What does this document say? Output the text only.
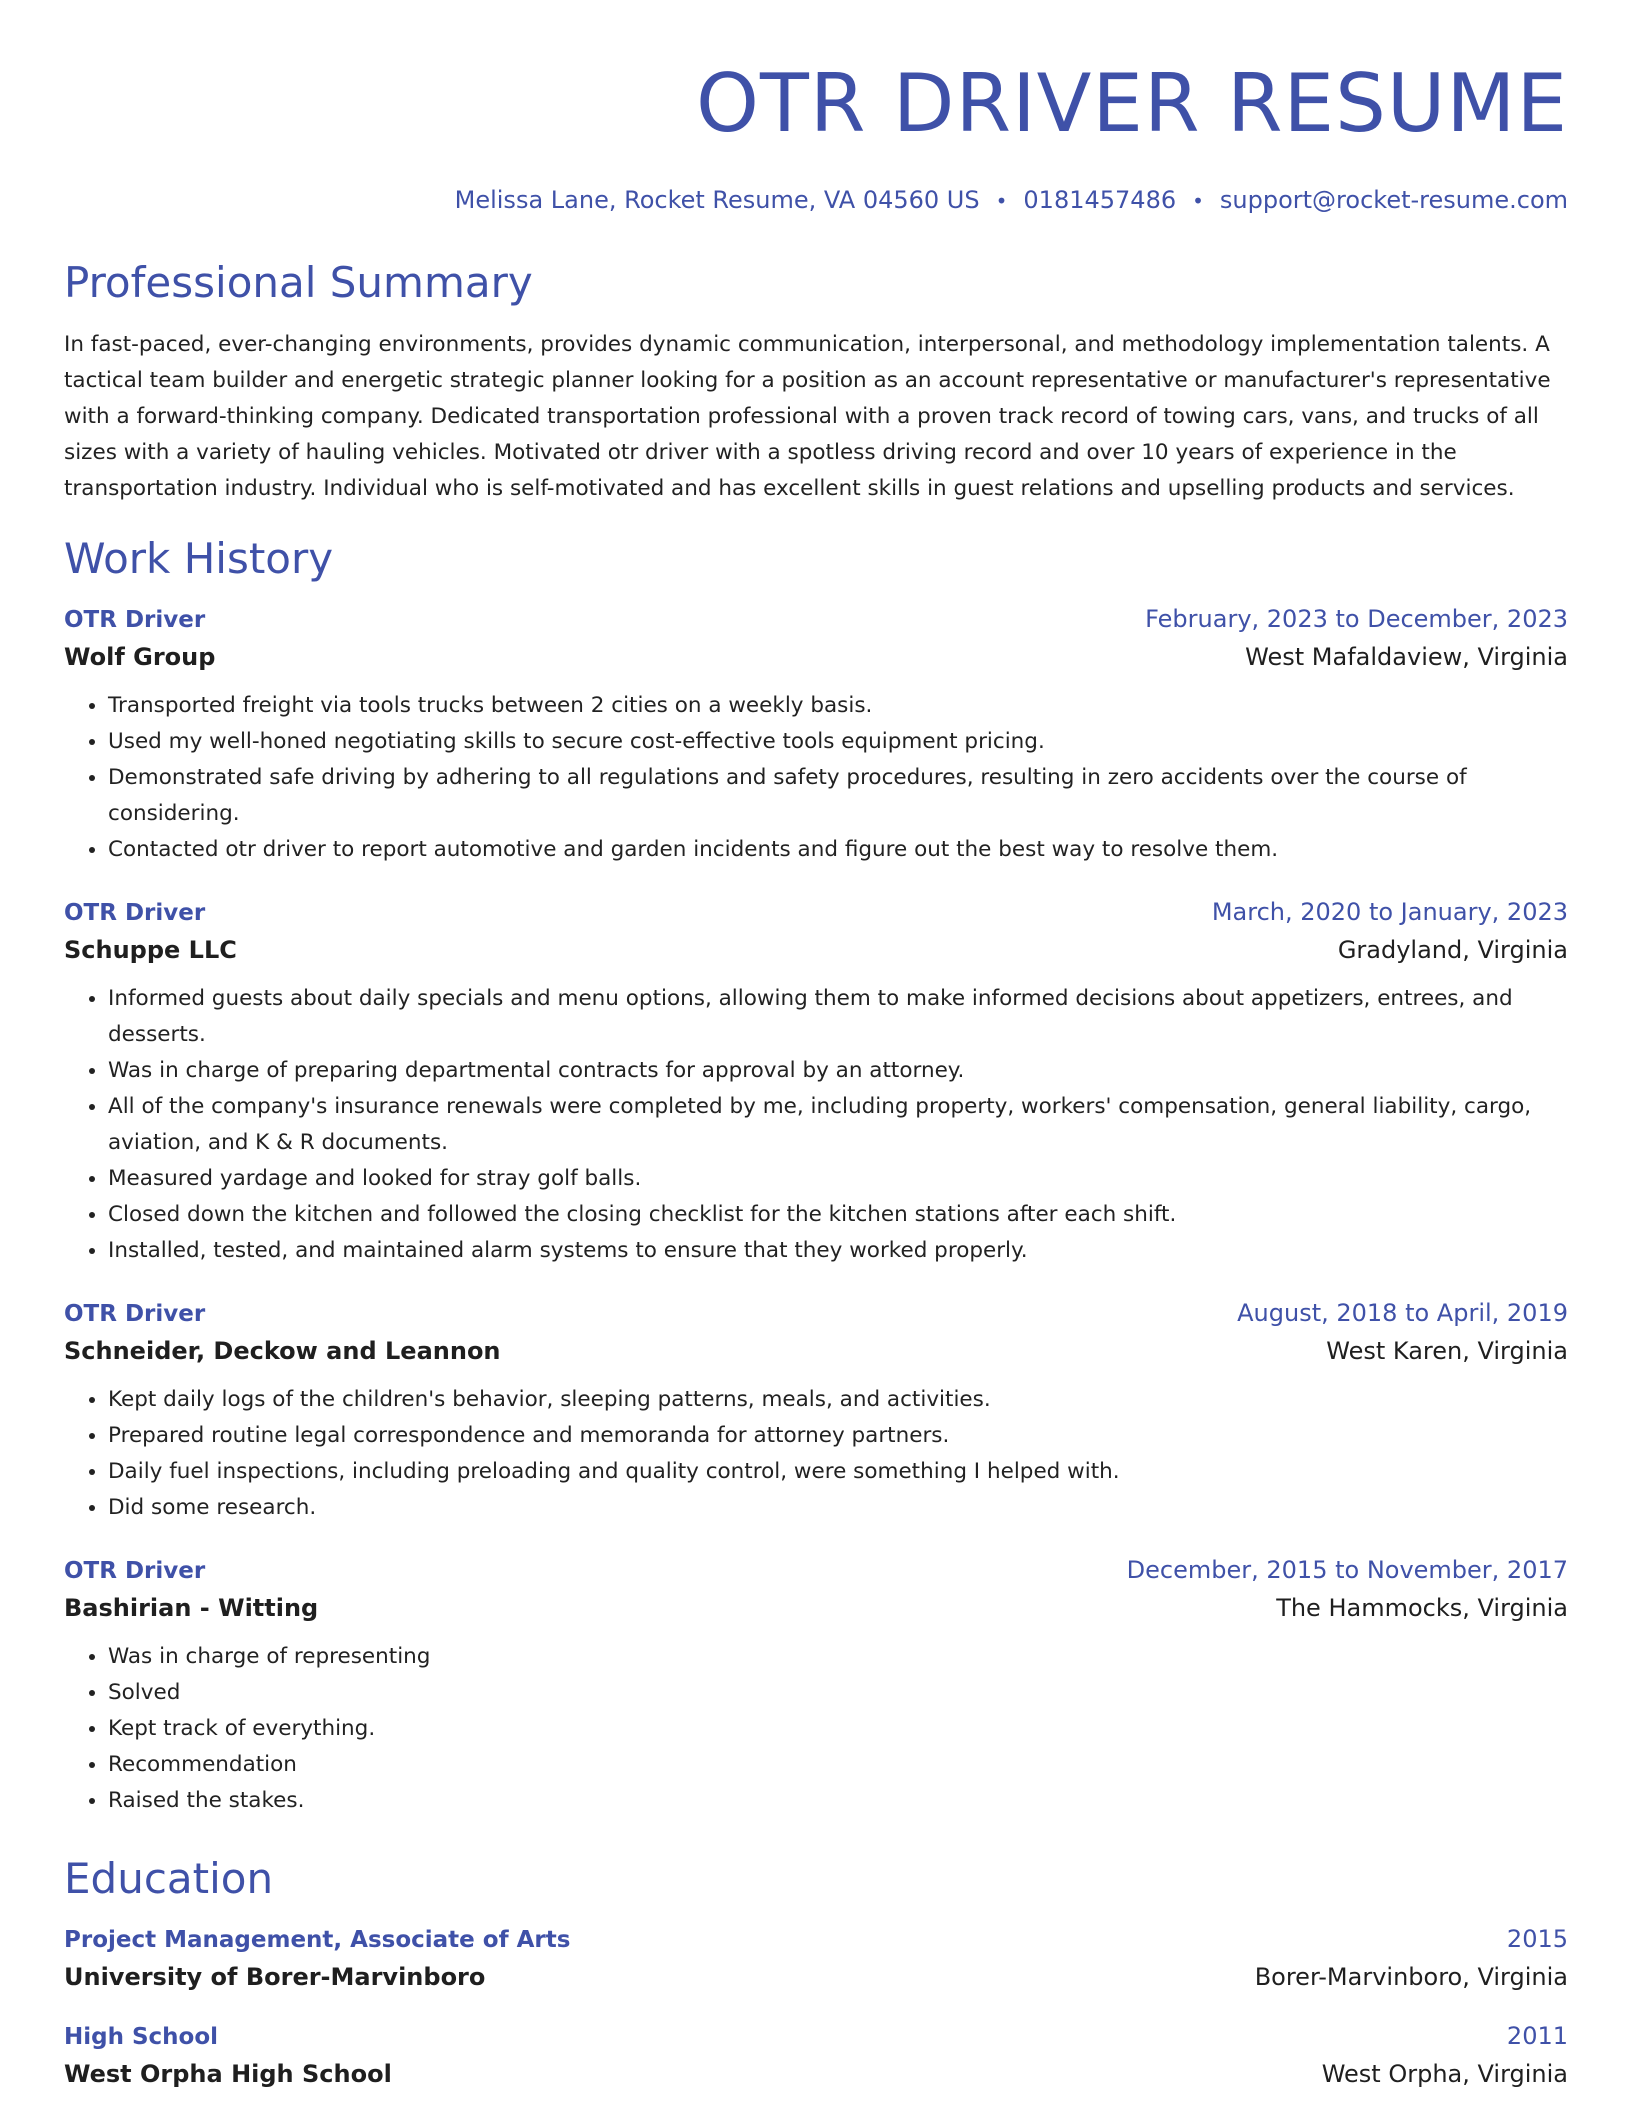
OTR DRIVER RESUME
Melissa Lane, Rocket Resume, VA 04560 US • 0181457486 • support@rocket-resume.com
Professional Summary
In fast-paced, ever-changing environments, provides dynamic communication, interpersonal, and methodology implementation talents. A tactical team builder and energetic strategic planner looking for a position as an account representative or manufacturer's representative with a forward-thinking company. Dedicated transportation professional with a proven track record of towing cars, vans, and trucks of all sizes with a variety of hauling vehicles. Motivated otr driver with a spotless driving record and over 10 years of experience in the transportation industry. Individual who is self-motivated and has excellent skills in guest relations and upselling products and services.
Work History
OTR Driver	February, 2023 to December, 2023
Wolf Group	West Mafaldaview, Virginia
• Transported freight via tools trucks between 2 cities on a weekly basis.
• Used my well-honed negotiating skills to secure cost-effective tools equipment pricing.
• Demonstrated safe driving by adhering to all regulations and safety procedures, resulting in zero accidents over the course of considering.
• Contacted otr driver to report automotive and garden incidents and figure out the best way to resolve them.
OTR Driver	March, 2020 to January, 2023
Schuppe LLC	Gradyland, Virginia
• Informed guests about daily specials and menu options, allowing them to make informed decisions about appetizers, entrees, and desserts.
• Was in charge of preparing departmental contracts for approval by an attorney.
• All of the company's insurance renewals were completed by me, including property, workers' compensation, general liability, cargo, aviation, and K & R documents.
• Measured yardage and looked for stray golf balls.
• Closed down the kitchen and followed the closing checklist for the kitchen stations after each shift.
• Installed, tested, and maintained alarm systems to ensure that they worked properly.
OTR Driver	August, 2018 to April, 2019
Schneider, Deckow and Leannon	West Karen, Virginia
• Kept daily logs of the children's behavior, sleeping patterns, meals, and activities.
• Prepared routine legal correspondence and memoranda for attorney partners.
• Daily fuel inspections, including preloading and quality control, were something I helped with.
• Did some research.
OTR Driver	December, 2015 to November, 2017
Bashirian - Witting	The Hammocks, Virginia
• Was in charge of representing
• Solved
• Kept track of everything.
• Recommendation
• Raised the stakes.
Education
Project Management, Associate of Arts	2015
University of Borer-Marvinboro	Borer-Marvinboro, Virginia
High School	2011
West Orpha High School	West Orpha, Virginia
